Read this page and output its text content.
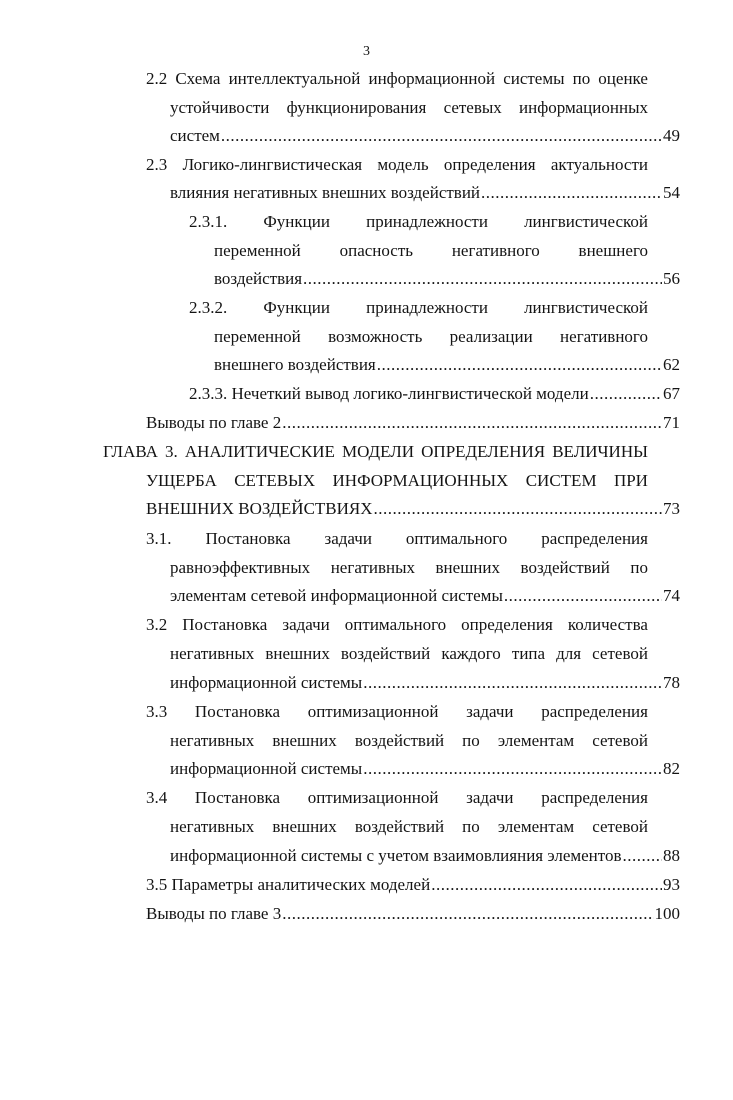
3
2.2 Схема интеллектуальной информационной системы по оценке
устойчивости функционирования сетевых информационных
систем .....	49
2.3 Логико-лингвистическая модель определения актуальности
влияния негативных внешних воздействий .....	54
2.3.1. Функции принадлежности лингвистической
переменной опасность негативного внешнего
воздействия .....	56
2.3.2. Функции принадлежности лингвистической
переменной возможность реализации негативного
внешнего воздействия .....	62
2.3.3. Нечеткий вывод логико-лингвистической модели .....	67
Выводы по главе 2 .....	71
ГЛАВА 3. АНАЛИТИЧЕСКИЕ МОДЕЛИ ОПРЕДЕЛЕНИЯ ВЕЛИЧИНЫ
УЩЕРБА СЕТЕВЫХ ИНФОРМАЦИОННЫХ СИСТЕМ ПРИ
ВНЕШНИХ ВОЗДЕЙСТВИЯХ .....	73
3.1. Постановка задачи оптимального распределения
равноэффективных негативных внешних воздействий по
элементам сетевой информационной системы .....	74
3.2 Постановка задачи оптимального определения количества
негативных внешних воздействий каждого типа для сетевой
информационной системы .....	78
3.3 Постановка оптимизационной задачи распределения
негативных внешних воздействий по элементам сетевой
информационной системы .....	82
3.4 Постановка оптимизационной задачи распределения
негативных внешних воздействий по элементам сетевой
информационной системы с учетом взаимовлияния элементов ..... 88
3.5 Параметры аналитических моделей .....	93
Выводы по главе 3 .....	100
